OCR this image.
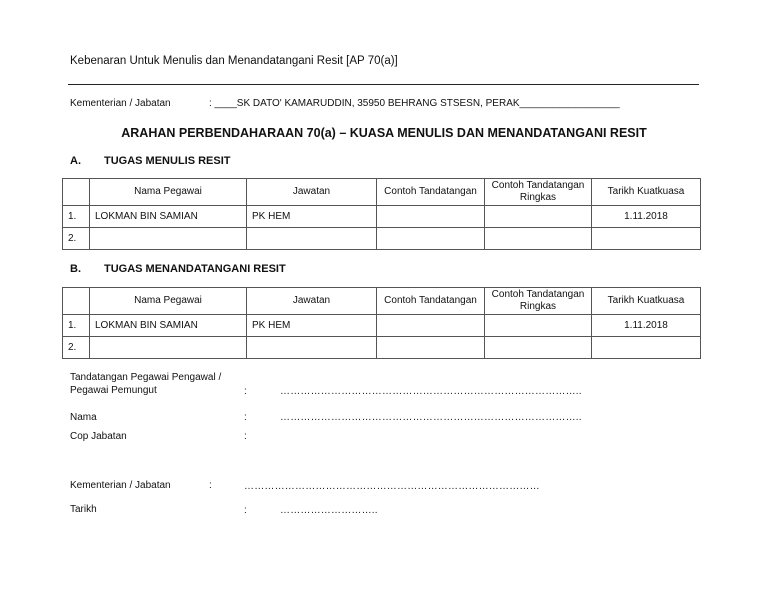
Kebenaran Untuk Menulis dan Menandatangani Resit [AP 70(a)]
Kementerian / Jabatan	: ____SK DATO' KAMARUDDIN, 35950 BEHRANG STSESN, PERAK__________________
ARAHAN PERBENDAHARAAN 70(a) – KUASA MENULIS DAN MENANDATANGANI RESIT
A. TUGAS MENULIS RESIT
	Nama Pegawai	Jawatan	Contoh Tandatangan	Contoh Tandatangan Ringkas	Tarikh Kuatkuasa
1.	LOKMAN BIN SAMIAN	PK HEM			1.11.2018
2.					
B. TUGAS MENANDATANGANI RESIT
	Nama Pegawai	Jawatan	Contoh Tandatangan	Contoh Tandatangan Ringkas	Tarikh Kuatkuasa
1.	LOKMAN BIN SAMIAN	PK HEM			1.11.2018
2.					
Tandatangan Pegawai Pengawal /
Pegawai Pemungut	:	……………………………………………………………………………..
Nama	:	……………………………………………………………………………..
Cop Jabatan	:
Kementerian / Jabatan	:	……………………………………………………………………………
Tarikh	:	………………………..
